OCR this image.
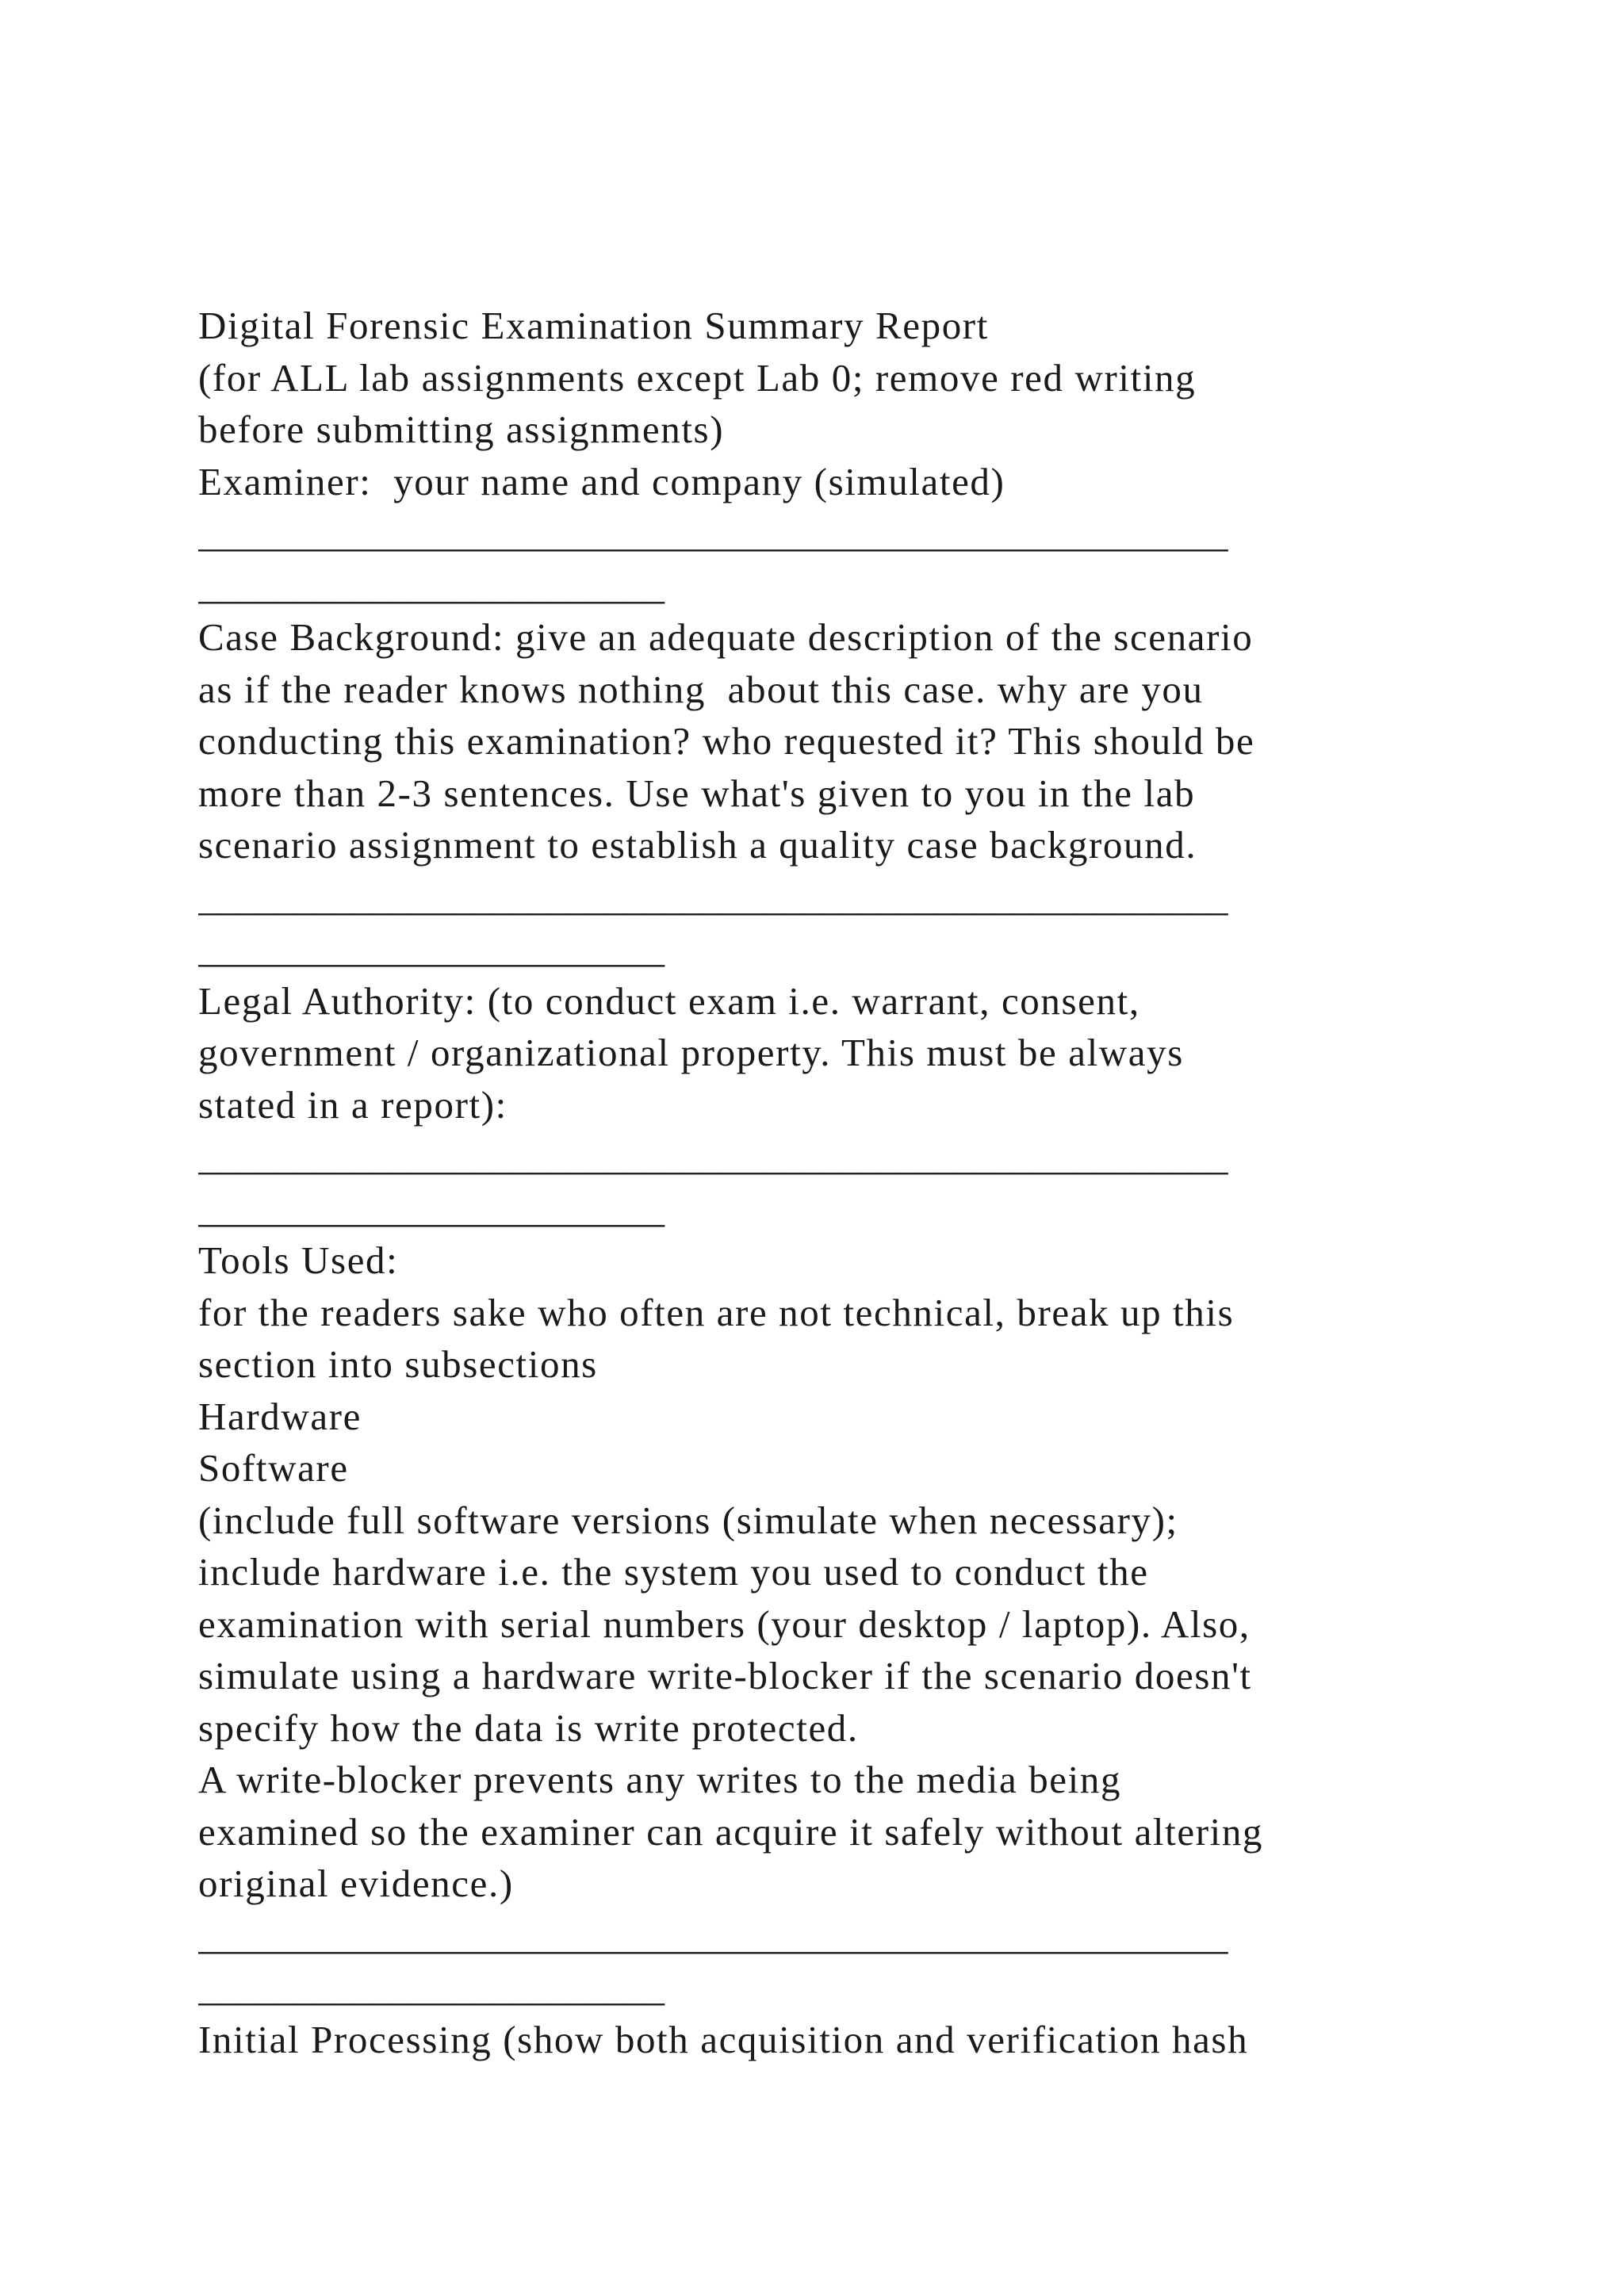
Digital Forensic Examination Summary Report
(for ALL lab assignments except Lab 0; remove red writing
before submitting assignments)
Examiner:  your name and company (simulated)
_____________________________________________________
________________________
Case Background: give an adequate description of the scenario
as if the reader knows nothing  about this case. why are you
conducting this examination? who requested it? This should be
more than 2-3 sentences. Use what's given to you in the lab
scenario assignment to establish a quality case background.
_____________________________________________________
________________________
Legal Authority: (to conduct exam i.e. warrant, consent,
government / organizational property. This must be always
stated in a report):
_____________________________________________________
________________________
Tools Used:
for the readers sake who often are not technical, break up this
section into subsections
Hardware
Software
(include full software versions (simulate when necessary);
include hardware i.e. the system you used to conduct the
examination with serial numbers (your desktop / laptop). Also,
simulate using a hardware write-blocker if the scenario doesn't
specify how the data is write protected.
A write-blocker prevents any writes to the media being
examined so the examiner can acquire it safely without altering
original evidence.)
_____________________________________________________
________________________
Initial Processing (show both acquisition and verification hash
